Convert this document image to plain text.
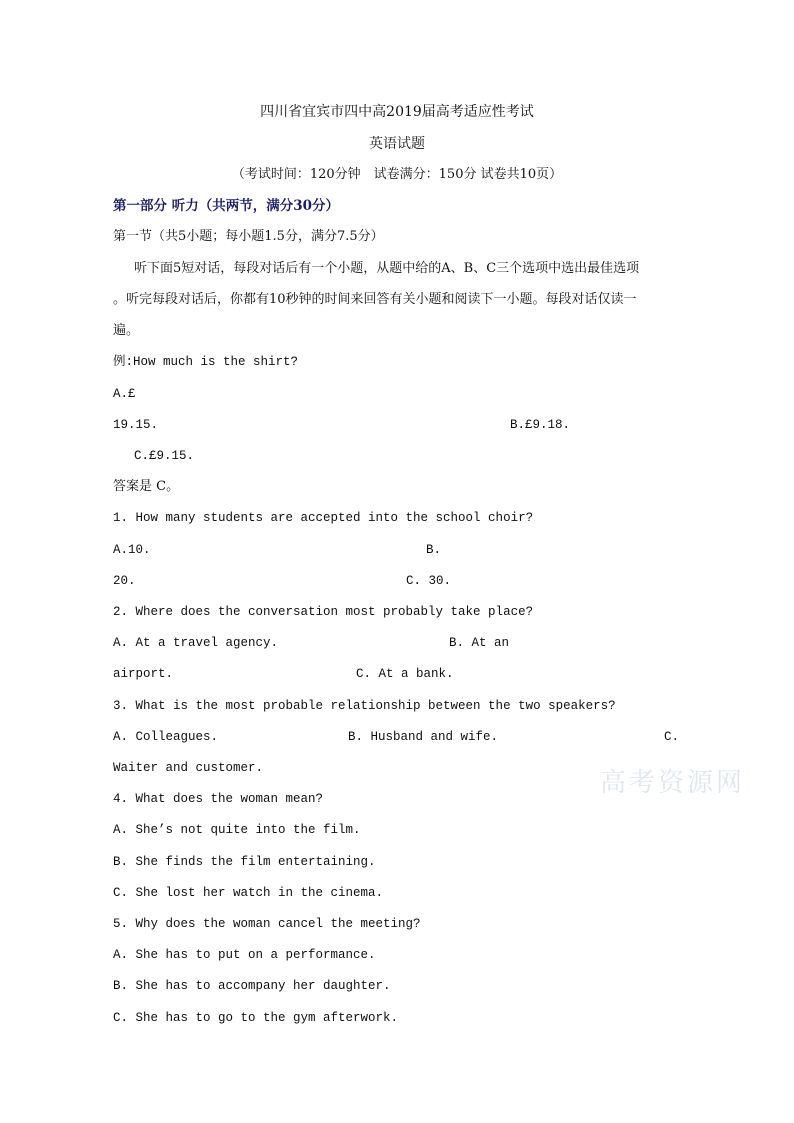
四川省宜宾市四中高2019届高考适应性考试
英语试题
（考试时间：120分钟　试卷满分：150分 试卷共10页）
第一部分 听力（共两节，满分30分）
第一节（共5小题；每小题1.5分，满分7.5分）
听下面5短对话，每段对话后有一个小题，从题中给的A、B、C三个选项中选出最佳选项
。听完每段对话后，你都有10秒钟的时间来回答有关小题和阅读下一小题。每段对话仅读一
遍。
例:How much is the shirt?
A.£
19.15.	B.£9.18.
C.£9.15.
答案是 C。
1. How many students are accepted into the school choir?
A.10.	B.
20.	C. 30.
2. Where does the conversation most probably take place?
A. At a travel agency.	B. At an
airport.	C. At a bank.
3. What is the most probable relationship between the two speakers?
A. Colleagues.	B. Husband and wife.	C.
Waiter and customer.
4. What does the woman mean?
A. She’s not quite into the film.
B. She finds the film entertaining.
C. She lost her watch in the cinema.
5. Why does the woman cancel the meeting?
A. She has to put on a performance.
B. She has to accompany her daughter.
C. She has to go to the gym afterwork.
高考资源网
